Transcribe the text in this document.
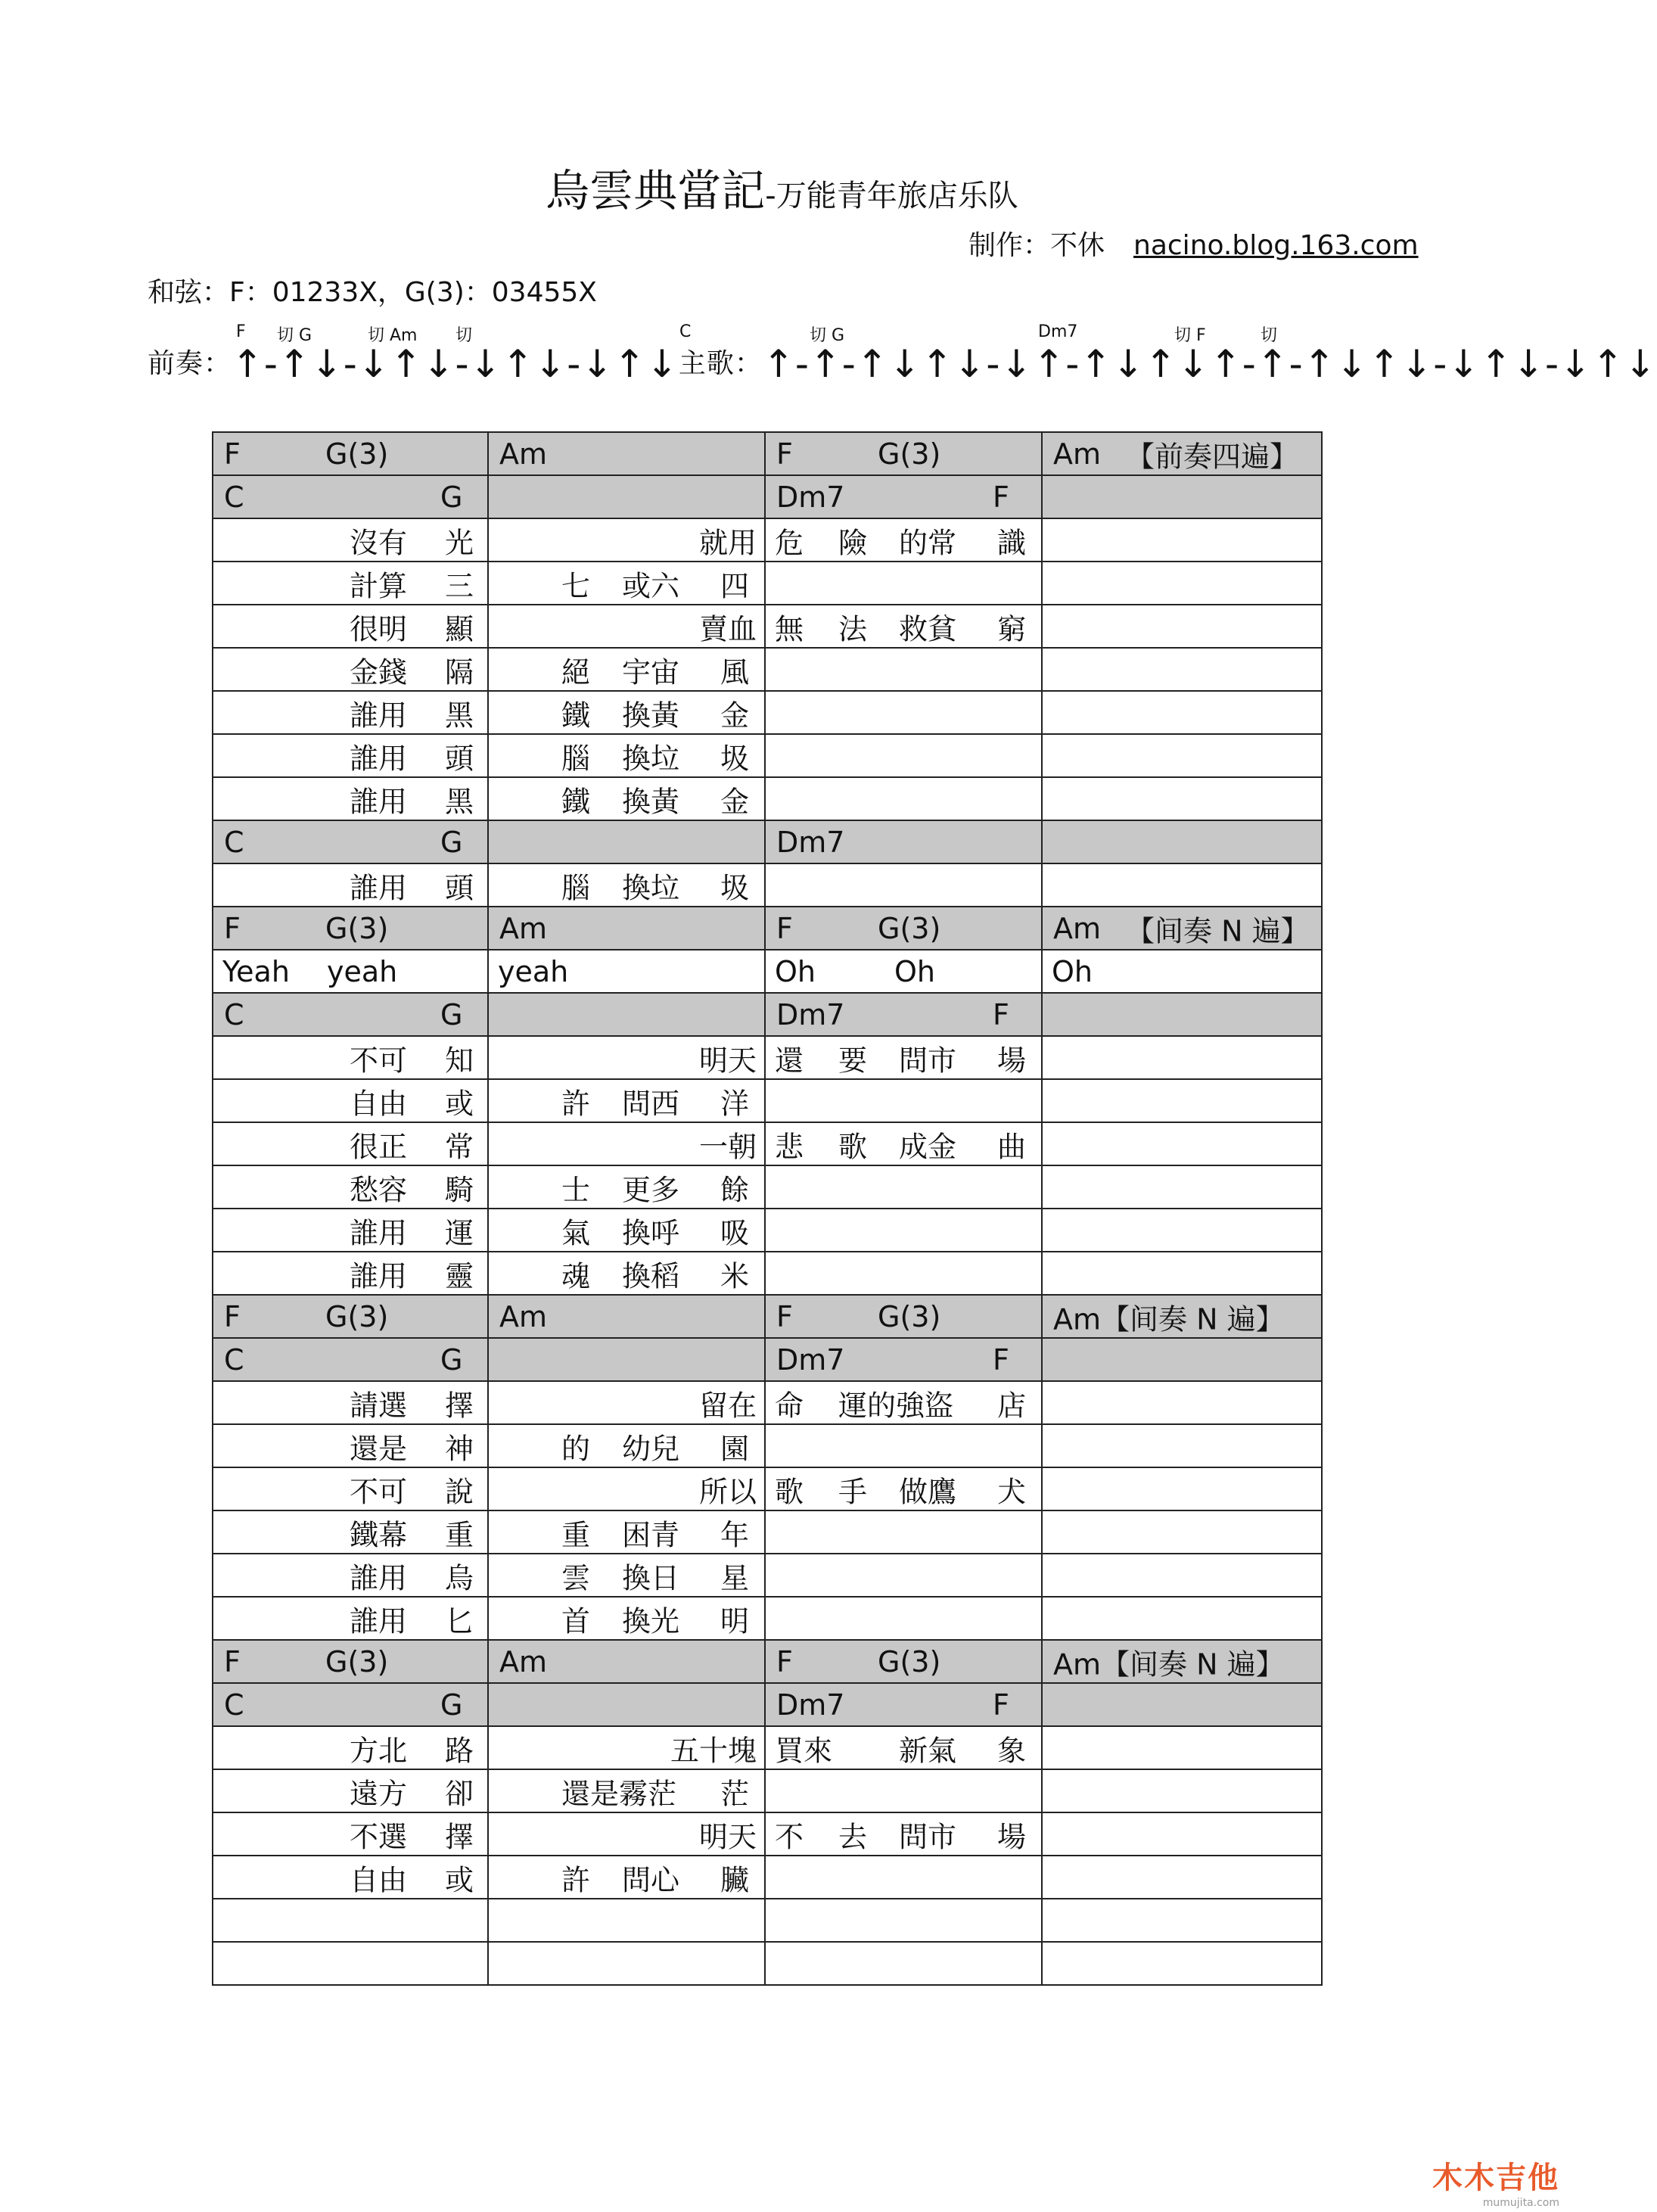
烏雲典當記-万能青年旅店乐队
制作：不休 nacino.blog.163.com
和弦：F：01233X，G(3)：03455X
F 切 G	切 Am 切	C	切 G	Dm7	切 F	切
前奏：↑-↑↓-↓↑↓-↓↑↓-↓↑↓主歌：↑-↑-↑↓↑↓-↓↑-↑↓↑↓↑-↑-↑↓↑↓-↓↑↓-↓↑↓
F G(3)	Am	F G(3)	Am 【前奏四遍】

C G		Dm7 F	

沒有 光	就用	危 險 的常 識	

計算 三	七 或六 四		

很明 顯	賣血	無 法 救貧 窮	

金錢 隔	絕 宇宙 風		

誰用 黑	鐵 換黃 金		

誰用 頭	腦 換垃 圾		

誰用 黑	鐵 換黃 金		

C G		Dm7	

誰用 頭	腦 換垃 圾		

F G(3)	Am	F G(3)	Am 【间奏 N 遍】

Yeah yeah	yeah	Oh Oh	Oh

C G		Dm7 F	

不可 知	明天	還 要 問市 場	

自由 或	許 問西 洋		

很正 常	一朝	悲 歌 成金 曲	

愁容 騎	士 更多 餘		

誰用 運	氣 換呼 吸		

誰用 靈	魂 換稻 米		

F G(3)	Am	F G(3)	Am【间奏 N 遍】

C G		Dm7 F	

請選 擇	留在	命 運的強盜 店	

還是 神	的 幼兒 園		

不可 說	所以	歌 手 做鷹 犬	

鐵幕 重	重 困青 年		

誰用 烏	雲 換日 星		

誰用 匕	首 換光 明		

F G(3)	Am	F G(3)	Am【间奏 N 遍】

C G		Dm7 F	

方北 路	五十塊	買來 新氣 象	

遠方 卻	還是霧茫 茫		

不選 擇	明天	不 去 問市 場	

自由 或	許 問心 臟		

木木吉他
mumujita.com
